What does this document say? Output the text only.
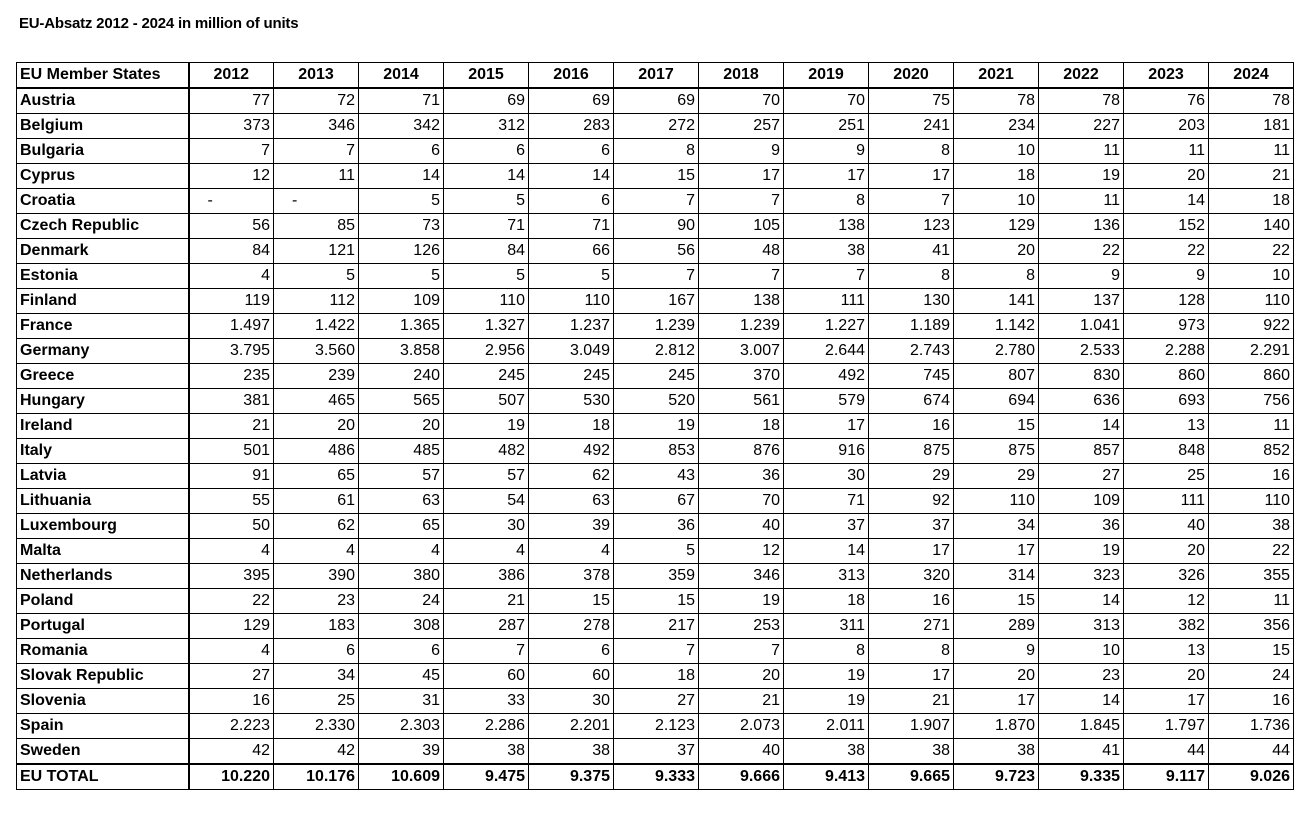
EU-Absatz 2012 - 2024 in million of units
EU Member States	2012	2013	2014	2015	2016	2017	2018	2019	2020	2021	2022	2023	2024
Austria	77	72	71	69	69	69	70	70	75	78	78	76	78
Belgium	373	346	342	312	283	272	257	251	241	234	227	203	181
Bulgaria	7	7	6	6	6	8	9	9	8	10	11	11	11
Cyprus	12	11	14	14	14	15	17	17	17	18	19	20	21
Croatia	-	-	5	5	6	7	7	8	7	10	11	14	18
Czech Republic	56	85	73	71	71	90	105	138	123	129	136	152	140
Denmark	84	121	126	84	66	56	48	38	41	20	22	22	22
Estonia	4	5	5	5	5	7	7	7	8	8	9	9	10
Finland	119	112	109	110	110	167	138	111	130	141	137	128	110
France	1.497	1.422	1.365	1.327	1.237	1.239	1.239	1.227	1.189	1.142	1.041	973	922
Germany	3.795	3.560	3.858	2.956	3.049	2.812	3.007	2.644	2.743	2.780	2.533	2.288	2.291
Greece	235	239	240	245	245	245	370	492	745	807	830	860	860
Hungary	381	465	565	507	530	520	561	579	674	694	636	693	756
Ireland	21	20	20	19	18	19	18	17	16	15	14	13	11
Italy	501	486	485	482	492	853	876	916	875	875	857	848	852
Latvia	91	65	57	57	62	43	36	30	29	29	27	25	16
Lithuania	55	61	63	54	63	67	70	71	92	110	109	111	110
Luxembourg	50	62	65	30	39	36	40	37	37	34	36	40	38
Malta	4	4	4	4	4	5	12	14	17	17	19	20	22
Netherlands	395	390	380	386	378	359	346	313	320	314	323	326	355
Poland	22	23	24	21	15	15	19	18	16	15	14	12	11
Portugal	129	183	308	287	278	217	253	311	271	289	313	382	356
Romania	4	6	6	7	6	7	7	8	8	9	10	13	15
Slovak Republic	27	34	45	60	60	18	20	19	17	20	23	20	24
Slovenia	16	25	31	33	30	27	21	19	21	17	14	17	16
Spain	2.223	2.330	2.303	2.286	2.201	2.123	2.073	2.011	1.907	1.870	1.845	1.797	1.736
Sweden	42	42	39	38	38	37	40	38	38	38	41	44	44
EU TOTAL	10.220	10.176	10.609	9.475	9.375	9.333	9.666	9.413	9.665	9.723	9.335	9.117	9.026
